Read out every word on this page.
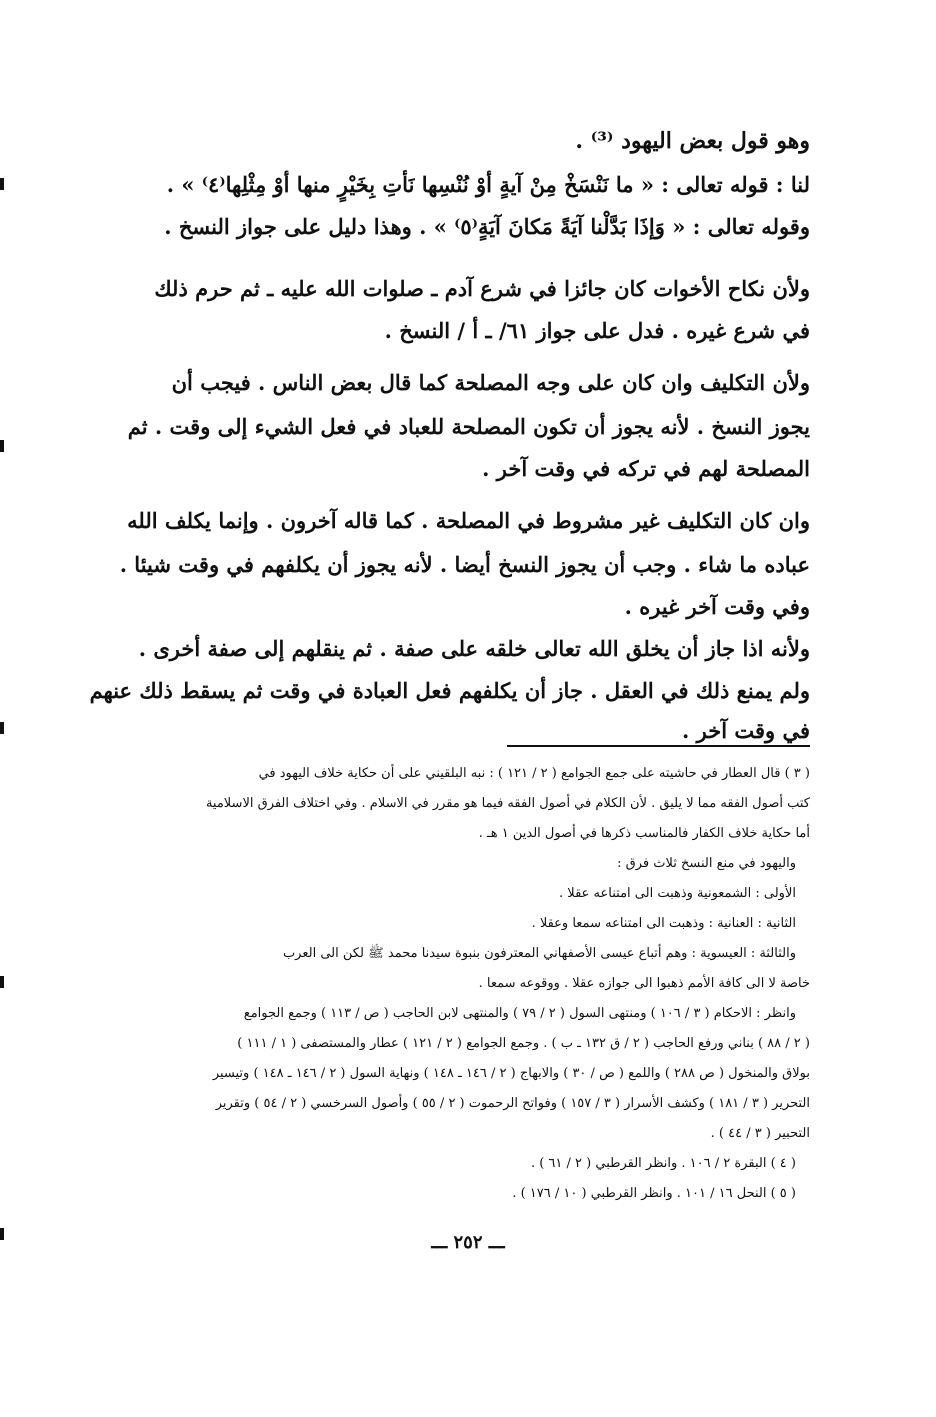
وهو قول بعض اليهود ⁽³⁾ .
لنا : قوله تعالى : « ما نَنْسَخْ مِنْ آيةٍ أوْ نُنْسِها نَأتِ بِخَيْرٍ منها أوْ مِثْلِها⁽٤⁾ » .
وقوله تعالى : « وَإذَا بَدَّلْنا آيَةً مَكانَ آيَةٍ⁽٥⁾ » . وهذا دليل على جواز النسخ .
ولأن نكاح الأخوات كان جائزا في شرع آدم ـ صلوات الله عليه ـ ثم حرم ذلك
في شرع غيره . فدل على جواز ٦١/ ـ أ / النسخ .
ولأن التكليف وان كان على وجه المصلحة كما قال بعض الناس . فيجب أن
يجوز النسخ . لأنه يجوز أن تكون المصلحة للعباد في فعل الشيء إلى وقت . ثم
المصلحة لهم في تركه في وقت آخر .
وان كان التكليف غير مشروط في المصلحة . كما قاله آخرون . وإنما يكلف الله
عباده ما شاء . وجب أن يجوز النسخ أيضا . لأنه يجوز أن يكلفهم في وقت شيئا .
وفي وقت آخر غيره .
ولأنه اذا جاز أن يخلق الله تعالى خلقه على صفة . ثم ينقلهم إلى صفة أخرى .
ولم يمنع ذلك في العقل . جاز أن يكلفهم فعل العبادة في وقت ثم يسقط ذلك عنهم
في وقت آخر .
( ٣ ) قال العطار في حاشيته على جمع الجوامع ( ٢ / ١٢١ ) : نبه البلقيني على أن حكاية خلاف اليهود في
كتب أصول الفقه مما لا يليق . لأن الكلام في أصول الفقه فيما هو مقرر في الاسلام . وفي اختلاف الفرق الاسلامية
أما حكاية خلاف الكفار فالمناسب ذكرها في أصول الدين ١ هـ .
واليهود في منع النسخ ثلاث فرق :
الأولى : الشمعونية وذهبت الى امتناعه عقلا .
الثانية : العنانية : وذهبت الى امتناعه سمعا وعقلا .
والثالثة : العيسوية : وهم أتباع عيسى الأصفهاني المعترفون بنبوة سيدنا محمد ﷺ لكن الى العرب
خاصة لا الى كافة الأمم ذهبوا الى جوازه عقلا . ووقوعه سمعا .
وانظر : الاحكام ( ٣ / ١٠٦ ) ومنتهى السول ( ٢ / ٧٩ ) والمنتهى لابن الحاجب ( ص / ١١٣ ) وجمع الجوامع
( ٢ / ٨٨ ) بناني ورفع الحاجب ( ٢ / ق ١٣٢ ـ ب ) . وجمع الجوامع ( ٢ / ١٢١ ) عطار والمستصفى ( ١ / ١١١ )
بولاق والمنخول ( ص ٢٨٨ ) واللمع ( ص / ٣٠ ) والابهاج ( ٢ / ١٤٦ ـ ١٤٨ ) ونهاية السول ( ٢ / ١٤٦ ـ ١٤٨ ) وتيسير
التحرير ( ٣ / ١٨١ ) وكشف الأسرار ( ٣ / ١٥٧ ) وفواتح الرحموت ( ٢ / ٥٥ ) وأصول السرخسي ( ٢ / ٥٤ ) وتقرير
التحبير ( ٣ / ٤٤ ) .
( ٤ ) البقرة ٢ / ١٠٦ . وانظر القرطبي ( ٢ / ٦١ ) .
( ٥ ) النحل ١٦ / ١٠١ . وانظر القرطبي ( ١٠ / ١٧٦ ) .
ـــ ٢٥٢ ـــ
